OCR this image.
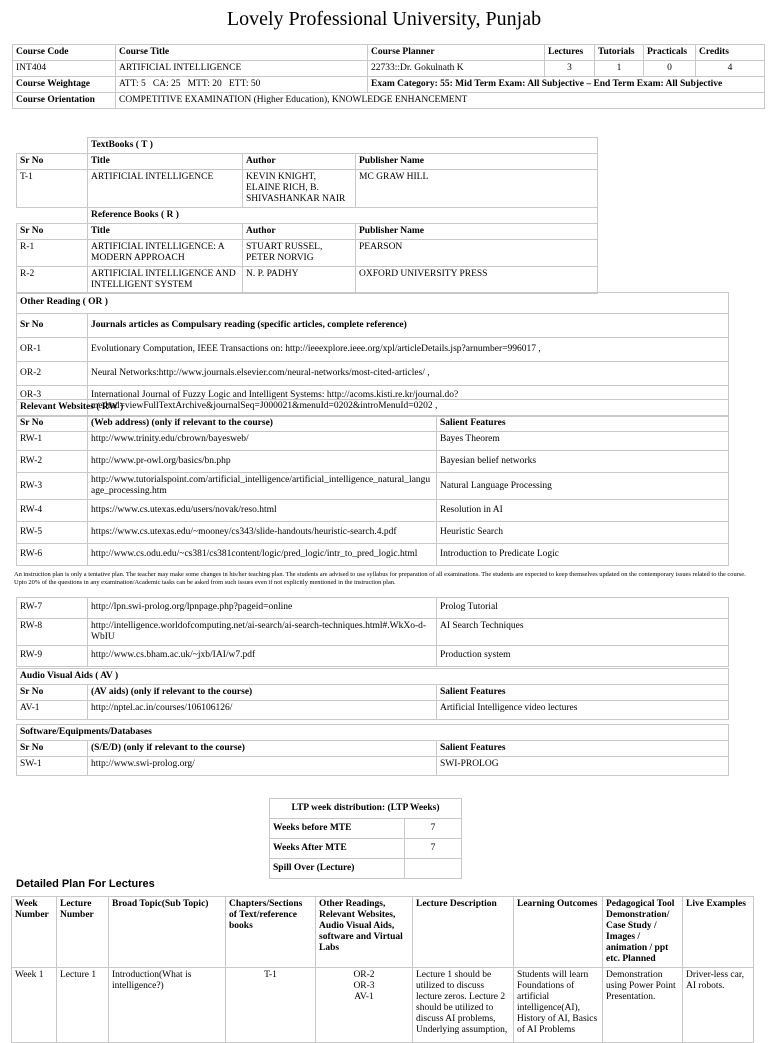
Lovely Professional University, Punjab
Course Code	Course Title	Course Planner	Lectures	Tutorials	Practicals	Credits
INT404	ARTIFICIAL INTELLIGENCE	22733::Dr. Gokulnath K	3	1	0	4
Course Weightage	ATT: 5   CA: 25   MTT: 20   ETT: 50	Exam Category: 55: Mid Term Exam: All Subjective – End Term Exam: All Subjective				
Course Orientation	COMPETITIVE EXAMINATION (Higher Education), KNOWLEDGE ENHANCEMENT					
	TextBooks ( T )		
Sr No	Title	Author	Publisher Name
T-1	ARTIFICIAL INTELLIGENCE	KEVIN KNIGHT, ELAINE RICH, B. SHIVASHANKAR NAIR	MC GRAW HILL
	Reference Books ( R )		
Sr No	Title	Author	Publisher Name
R-1	ARTIFICIAL INTELLIGENCE: A MODERN APPROACH	STUART RUSSEL, PETER NORVIG	PEARSON
R-2	ARTIFICIAL INTELLIGENCE AND INTELLIGENT SYSTEM	N. P. PADHY	OXFORD UNIVERSITY PRESS
Other Reading ( OR )	
Sr No	Journals articles as Compulsary reading (specific articles, complete reference)
OR-1	Evolutionary Computation, IEEE Transactions on: http://ieeexplore.ieee.org/xpl/articleDetails.jsp?arnumber=996017 ,
OR-2	Neural Networks:http://www.journals.elsevier.com/neural-networks/most-cited-articles/ ,
OR-3	International Journal of Fuzzy Logic and Intelligent Systems: http://acoms.kisti.re.kr/journal.do?method=viewFullTextArchive&journalSeq=J000021&menuId=0202&introMenuId=0202 ,
Relevant Websites ( RW )		
Sr No	(Web address) (only if relevant to the course)	Salient Features
RW-1	http://www.trinity.edu/cbrown/bayesweb/	Bayes Theorem
RW-2	http://www.pr-owl.org/basics/bn.php	Bayesian belief networks
RW-3	http://www.tutorialspoint.com/artificial_intelligence/artificial_intelligence_natural_language_processing.htm	Natural Language Processing
RW-4	https://www.cs.utexas.edu/users/novak/reso.html	Resolution in AI
RW-5	https://www.cs.utexas.edu/~mooney/cs343/slide-handouts/heuristic-search.4.pdf	Heuristic Search
RW-6	http://www.cs.odu.edu/~cs381/cs381content/logic/pred_logic/intr_to_pred_logic.html	Introduction to Predicate Logic
An instruction plan is only a tentative plan. The teacher may make some changes in his/her teaching plan. The students are advised to use syllabus for preparation of all examinations. The students are expected to keep themselves updated on the contemporary issues related to the course. Upto 20% of the questions in any examination/Academic tasks can be asked from such issues even if not explicitly mentioned in the instruction plan.
RW-7	http://lpn.swi-prolog.org/lpnpage.php?pageid=online	Prolog Tutorial
RW-8	http://intelligence.worldofcomputing.net/ai-search/ai-search-techniques.html#.WkXo-d-WbIU	AI Search Techniques
RW-9	http://www.cs.bham.ac.uk/~jxb/IAI/w7.pdf	Production system
Audio Visual Aids ( AV )		
Sr No	(AV aids) (only if relevant to the course)	Salient Features
AV-1	http://nptel.ac.in/courses/106106126/	Artificial Intelligence video lectures
Software/Equipments/Databases		
Sr No	(S/E/D) (only if relevant to the course)	Salient Features
SW-1	http://www.swi-prolog.org/	SWI-PROLOG
LTP week distribution: (LTP Weeks)	
Weeks before MTE	7
Weeks After MTE	7
Spill Over (Lecture)	
Detailed Plan For Lectures
Week Number	Lecture Number	Broad Topic(Sub Topic)	Chapters/Sections of Text/reference books	Other Readings, Relevant Websites, Audio Visual Aids, software and Virtual Labs	Lecture Description	Learning Outcomes	Pedagogical Tool Demonstration/ Case Study / Images / animation / ppt etc. Planned	Live Examples
Week 1	Lecture 1	Introduction(What is intelligence?)	T-1	OR-2
OR-3
AV-1	Lecture 1 should be utilized to discuss lecture zeros. Lecture 2 should be utilized to discuss AI problems, Underlying assumption,	Students will learn Foundations of artificial intelligence(AI), History of AI, Basics of AI Problems	Demonstration using Power Point Presentation.	Driver-less car, AI robots.
